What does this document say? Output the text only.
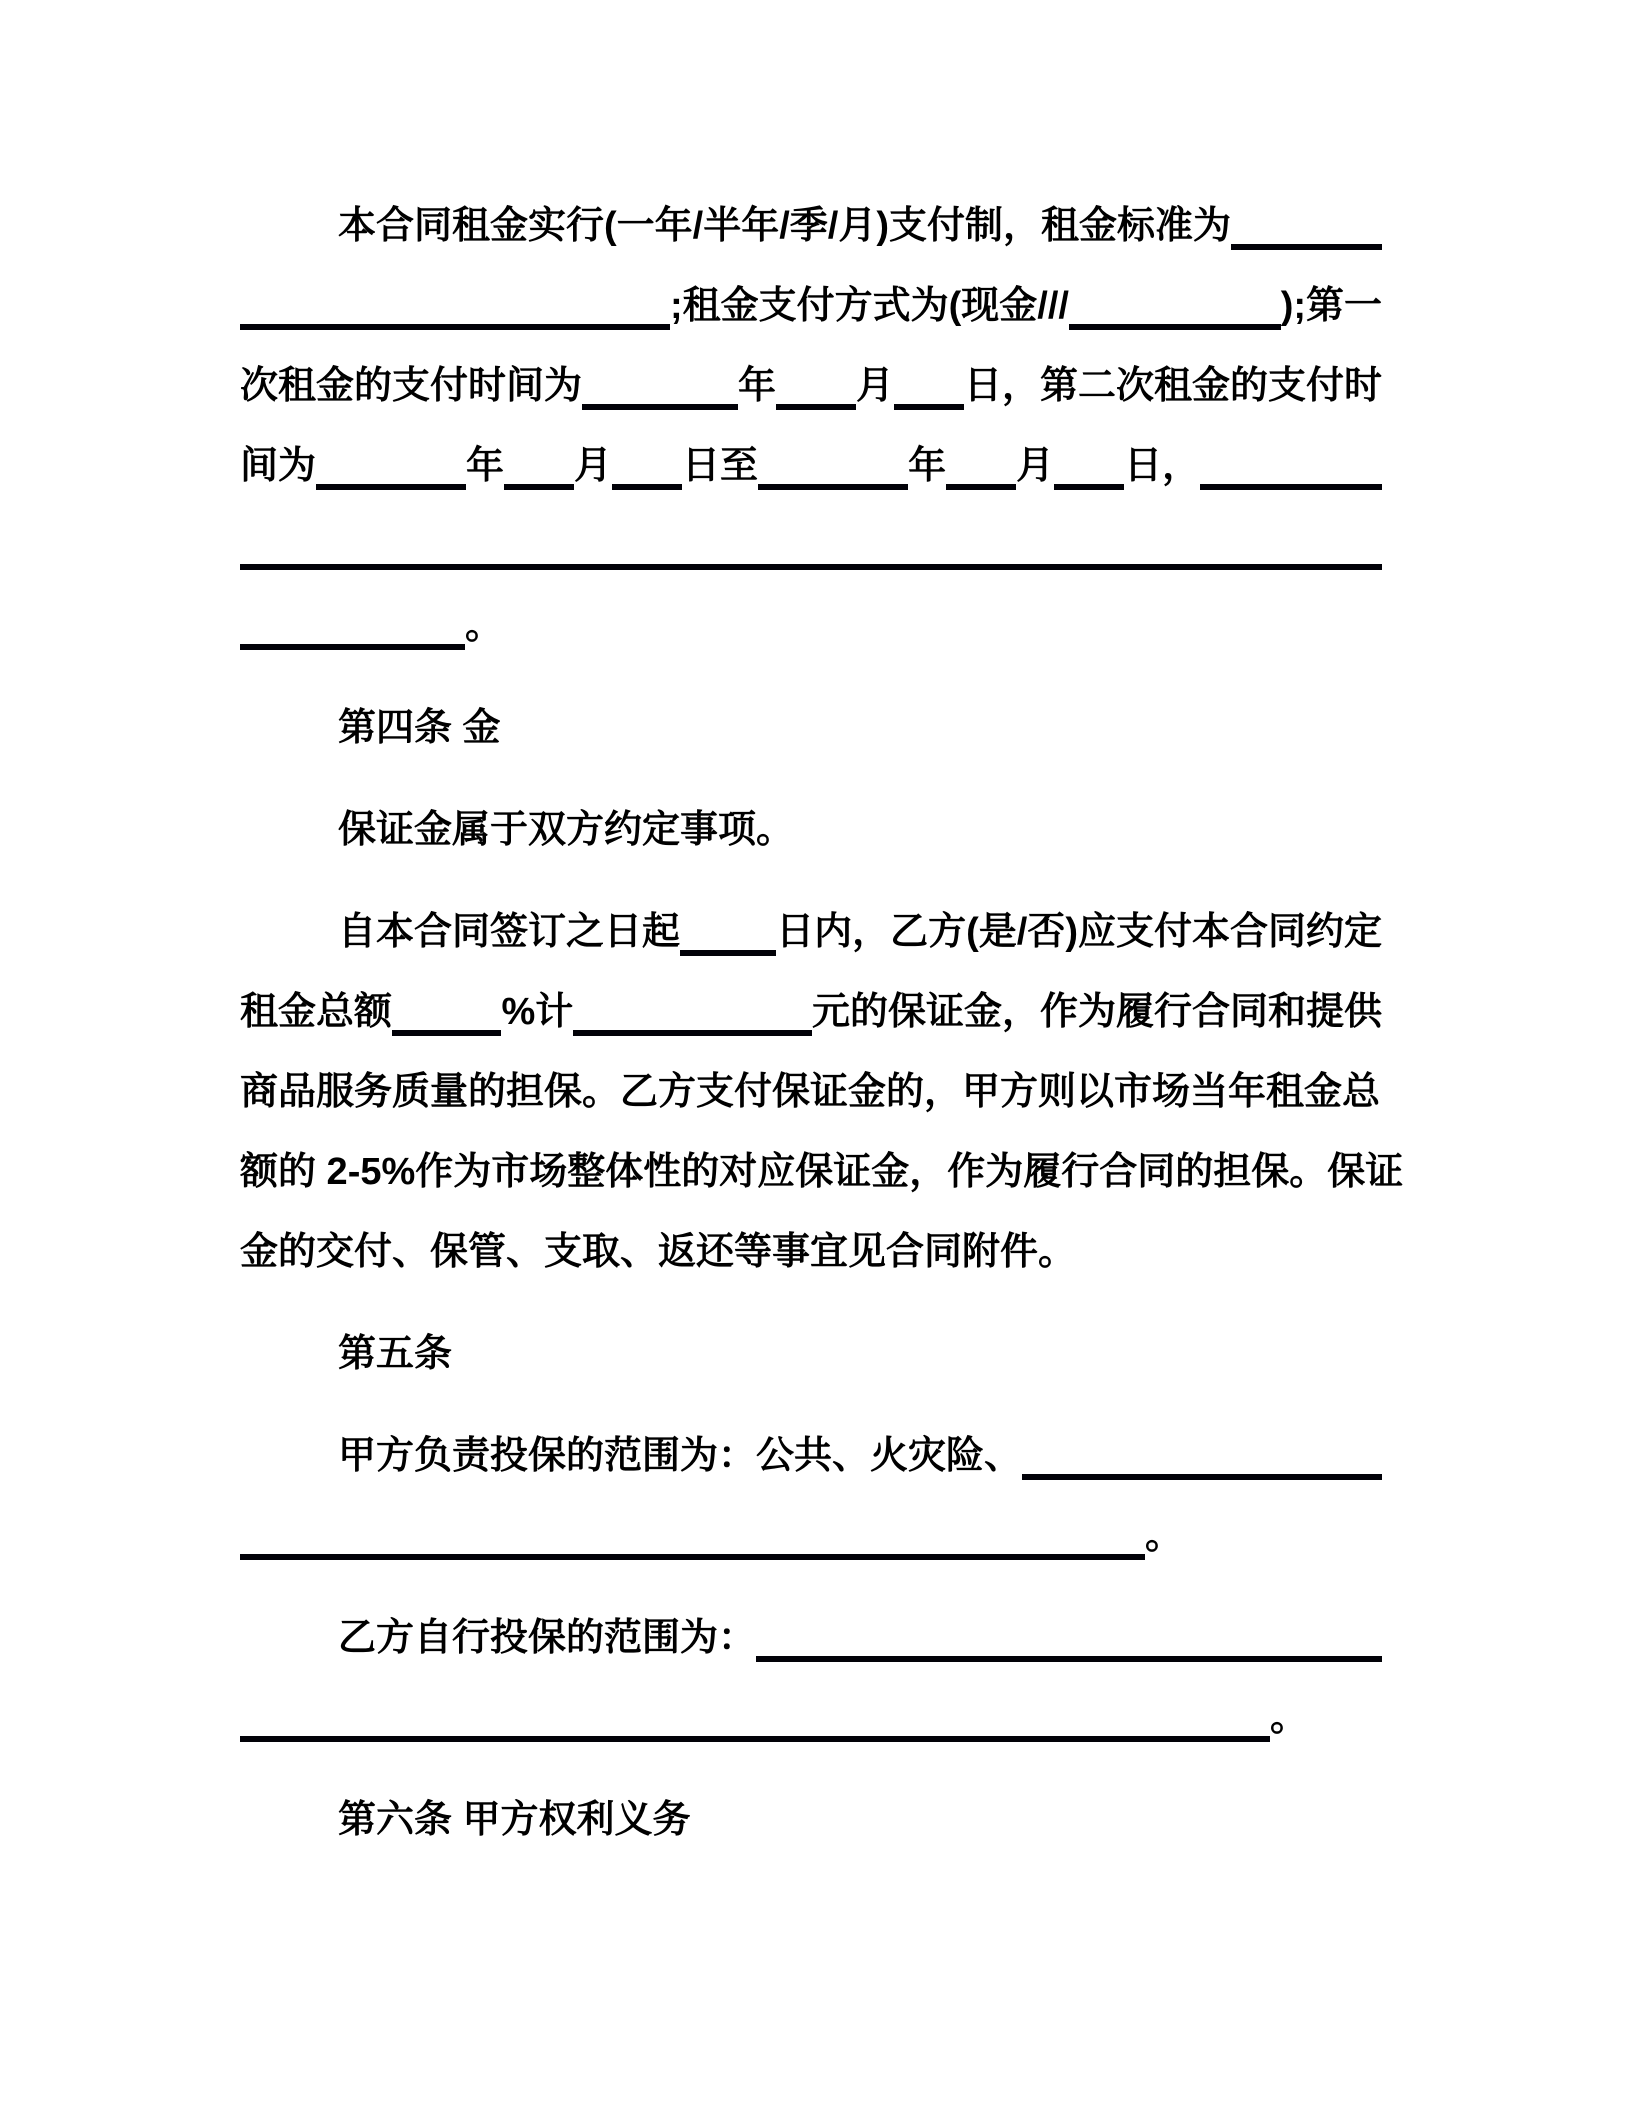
本合同租金实行(一年/半年/季/月)支付制，租金标准为
;租金支付方式为(现金///	);第一
次租金的支付时间为	年 月 日，第二次租金的支付时
间为	年 月 日至	年 月 日，
。
第四条 金
保证金属于双方约定事项。
自本合同签订之日起	日内，乙方(是/否)应支付本合同约定
租金总额	%计	元的保证金，作为履行合同和提供
商品服务质量的担保。乙方支付保证金的，甲方则以市场当年租金总
额的 2-5%作为市场整体性的对应保证金，作为履行合同的担保。保证
金的交付、保管、支取、返还等事宜见合同附件。
第五条
甲方负责投保的范围为：公共、火灾险、
。
乙方自行投保的范围为：
。
第六条 甲方权利义务
